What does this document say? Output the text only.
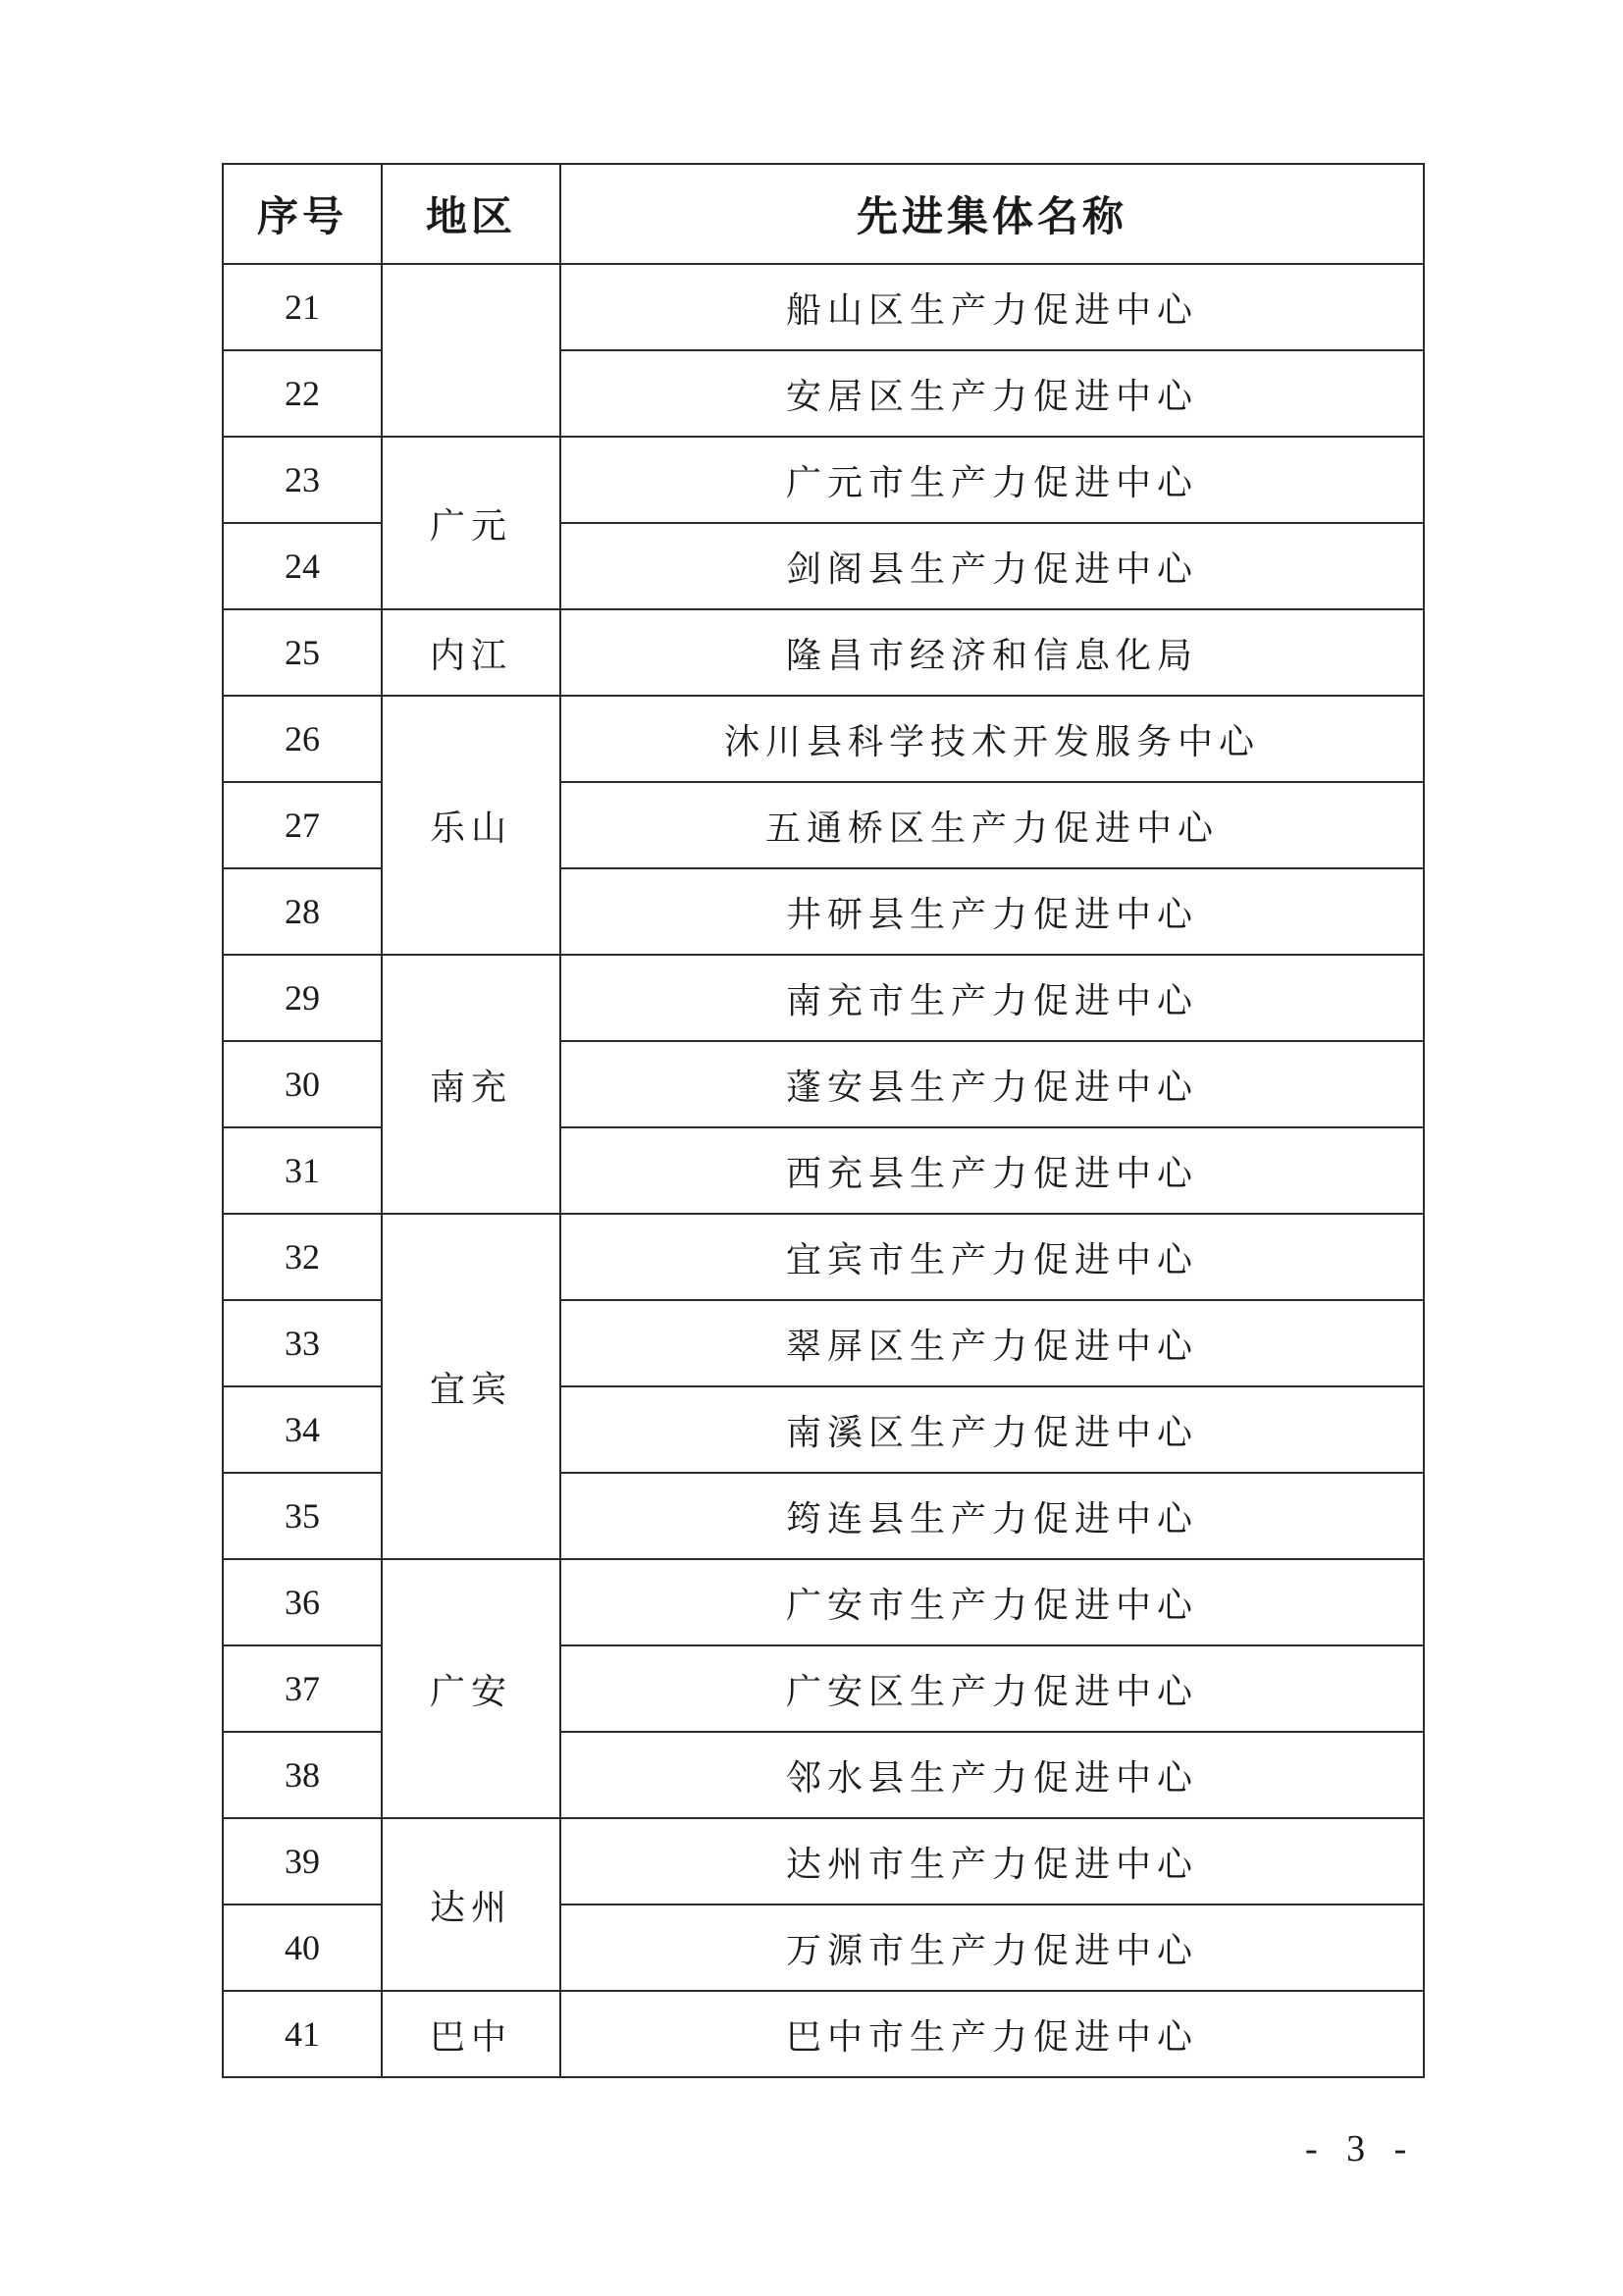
序号	地区	先进集体名称
21		船山区生产力促进中心
22		安居区生产力促进中心
23	广元	广元市生产力促进中心
24		剑阁县生产力促进中心
25	内江	隆昌市经济和信息化局
26	乐山	沐川县科学技术开发服务中心
27		五通桥区生产力促进中心
28		井研县生产力促进中心
29	南充	南充市生产力促进中心
30		蓬安县生产力促进中心
31		西充县生产力促进中心
32	宜宾	宜宾市生产力促进中心
33		翠屏区生产力促进中心
34		南溪区生产力促进中心
35		筠连县生产力促进中心
36	广安	广安市生产力促进中心
37		广安区生产力促进中心
38		邻水县生产力促进中心
39	达州	达州市生产力促进中心
40		万源市生产力促进中心
41	巴中	巴中市生产力促进中心
- 3 -
